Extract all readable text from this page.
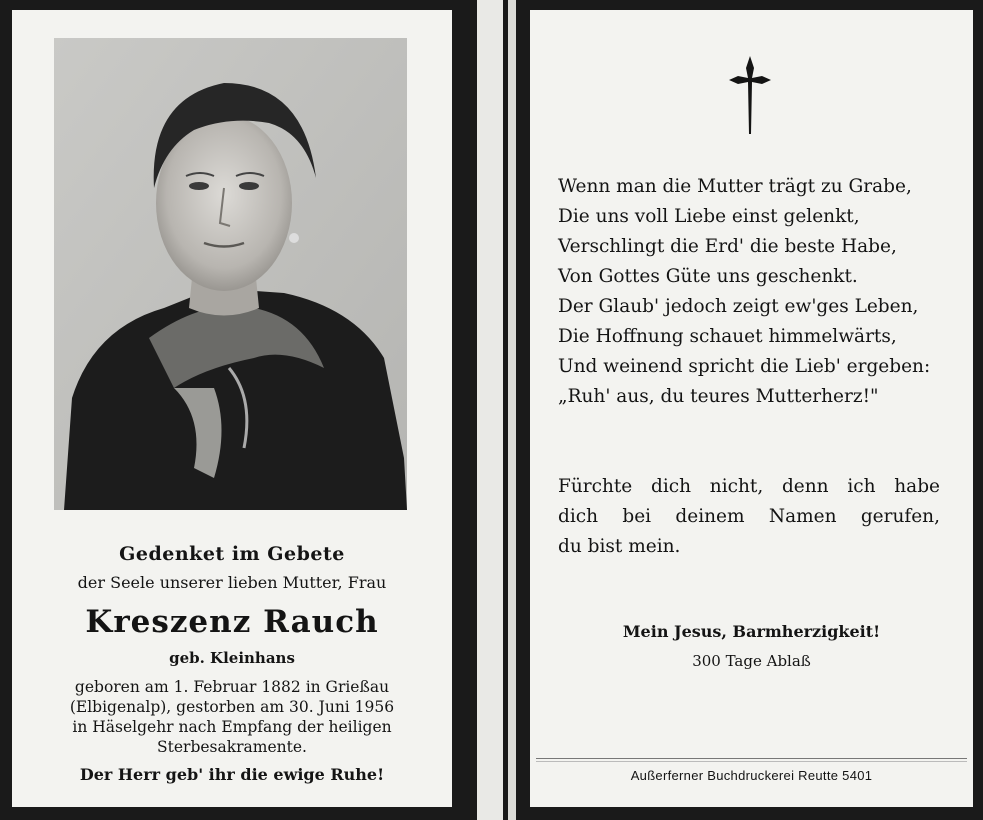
Gedenket im Gebete
der Seele unserer lieben Mutter, Frau
Kreszenz Rauch
geb. Kleinhans
geboren am 1. Februar 1882 in Grießau
(Elbigenalp), gestorben am 30. Juni 1956
in Häselgehr nach Empfang der heiligen
Sterbesakramente.
Der Herr geb' ihr die ewige Ruhe!
Wenn man die Mutter trägt zu Grabe,
Die uns voll Liebe einst gelenkt,
Verschlingt die Erd' die beste Habe,
Von Gottes Güte uns geschenkt.
Der Glaub' jedoch zeigt ew'ges Leben,
Die Hoffnung schauet himmelwärts,
Und weinend spricht die Lieb' ergeben:
„Ruh' aus, du teures Mutterherz!"
Fürchte dich nicht, denn ich habe
dich bei deinem Namen gerufen,
du bist mein.
Mein Jesus, Barmherzigkeit!
300 Tage Ablaß
Außerferner Buchdruckerei Reutte 5401
